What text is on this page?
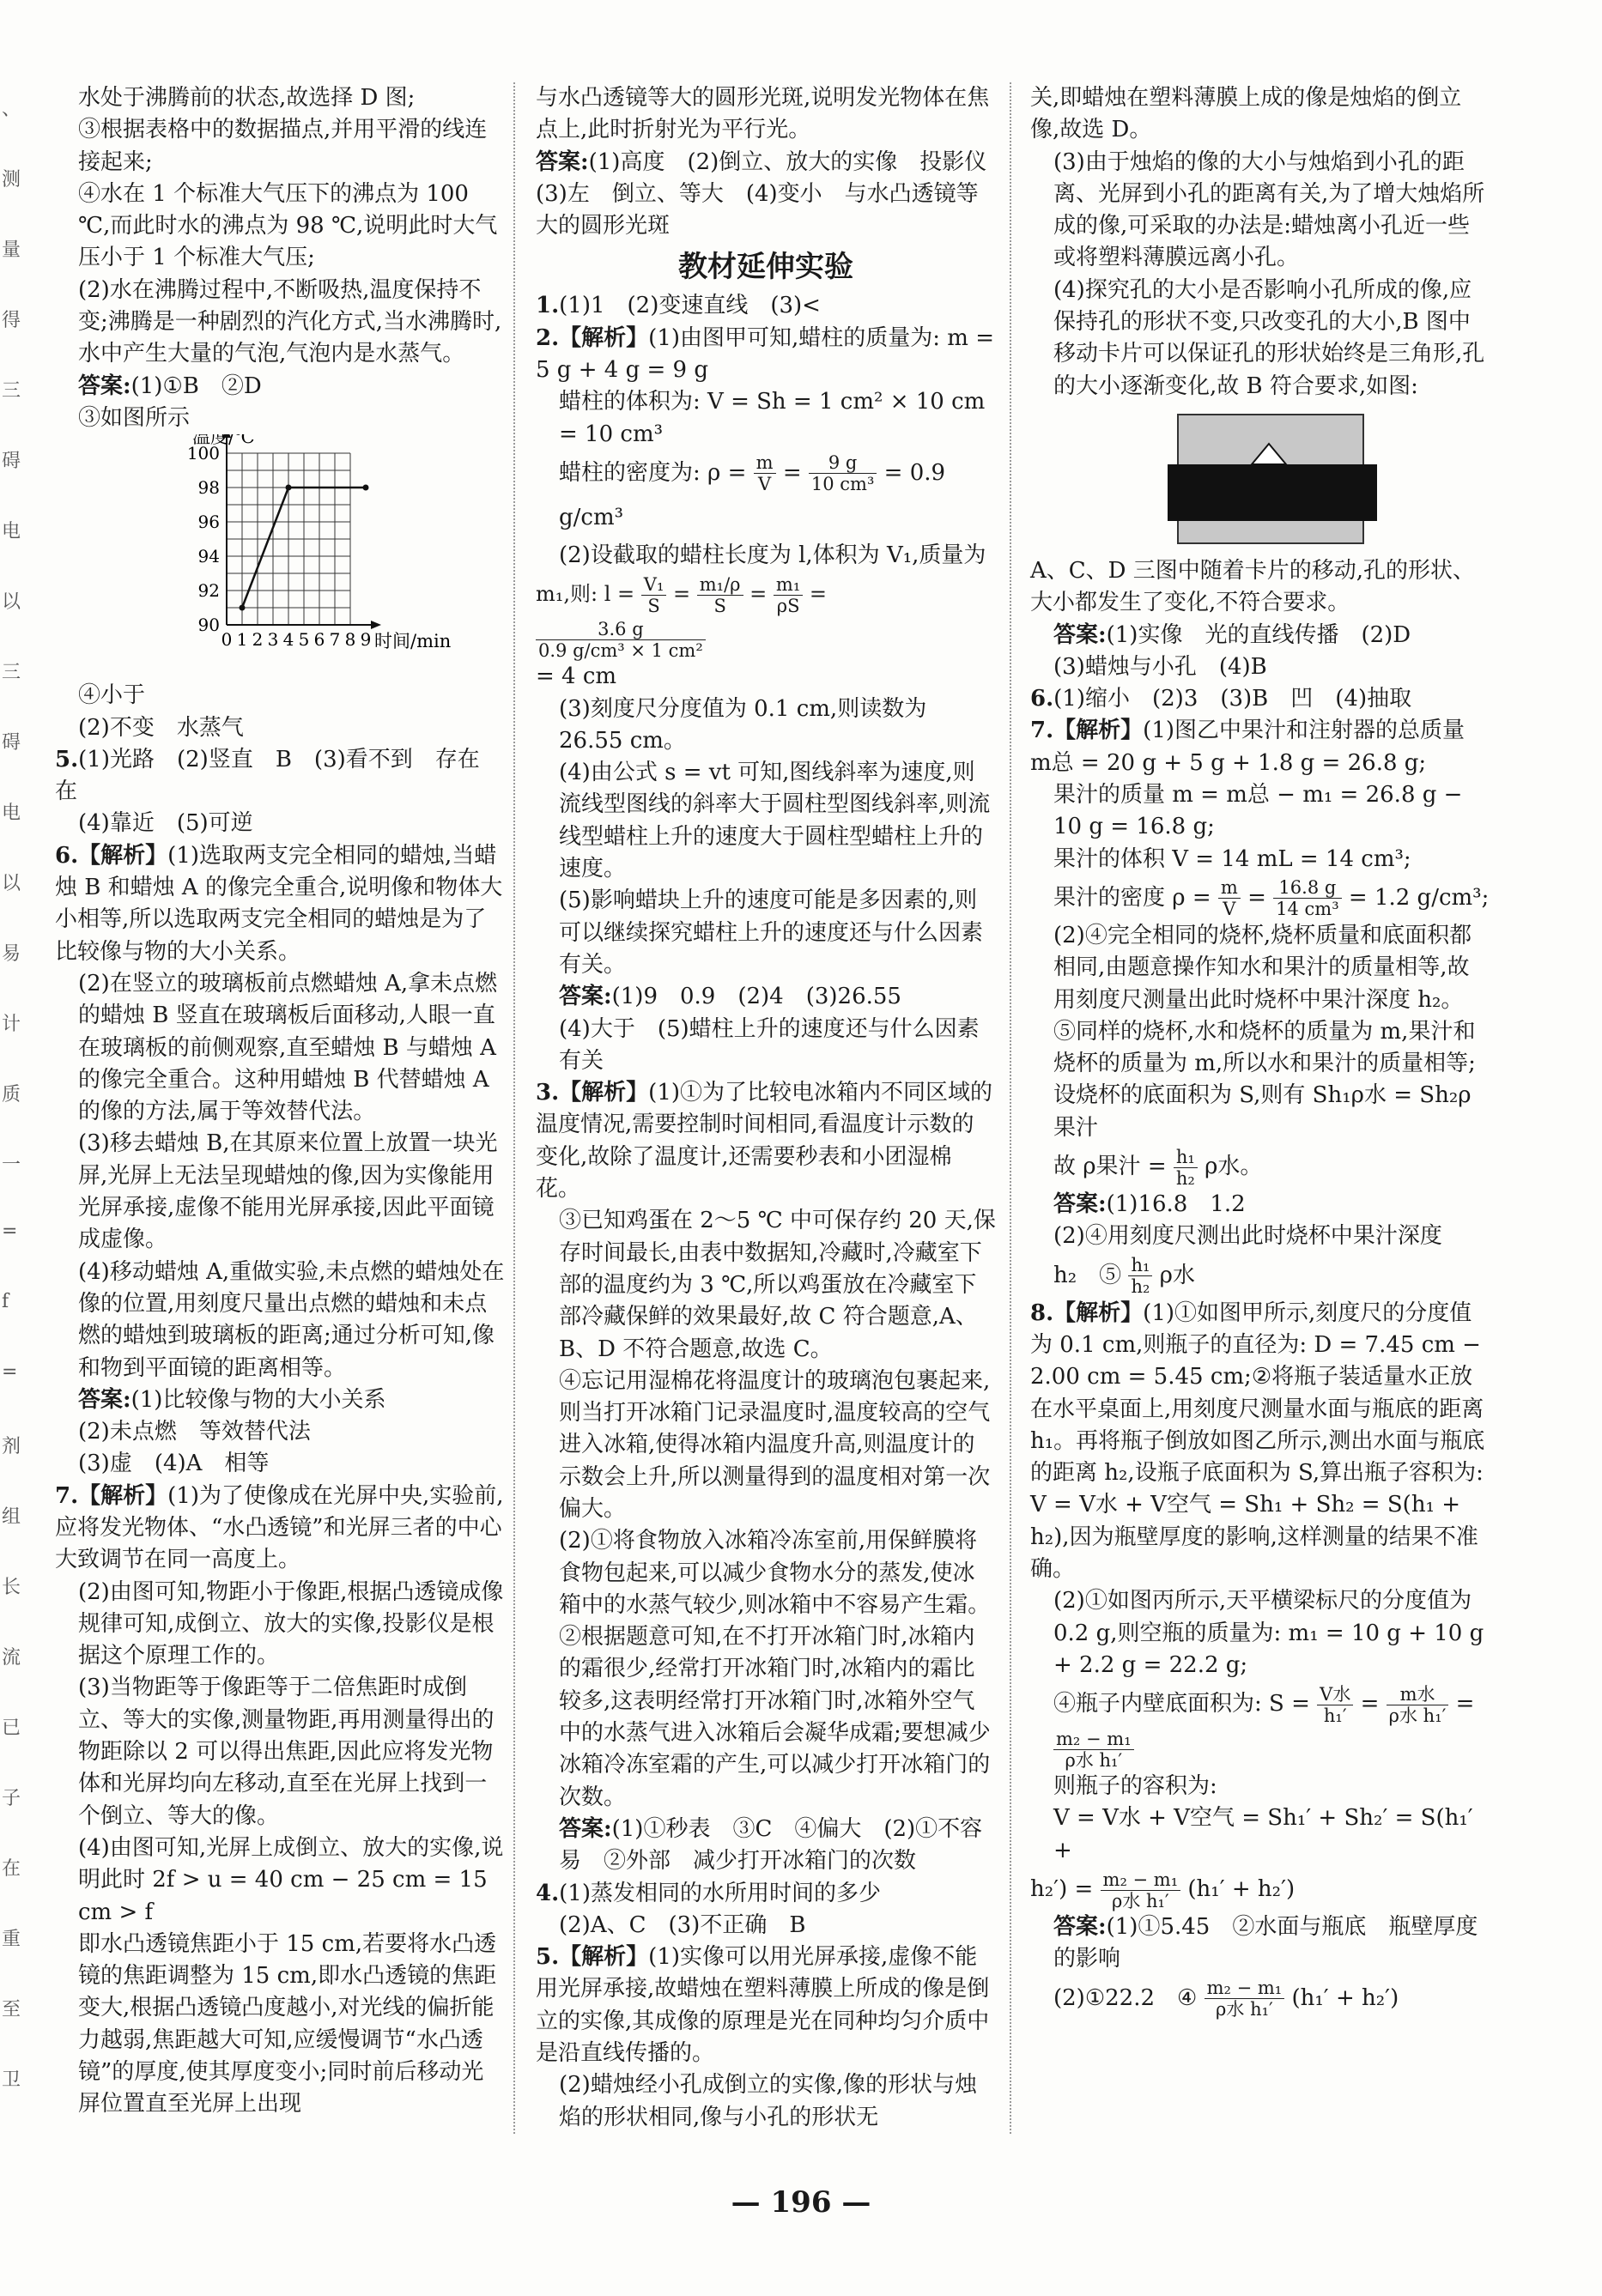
、
测
量
得
三
碍
电
以
三
碍
电
以
易
计
质
一
=
f
=
剂
组
长
流
已
子
在
重
至
卫

水处于沸腾前的状态,故选择 D 图;

③根据表格中的数据描点,并用平滑的线连接起来;

④水在 1 个标准大气压下的沸点为 100 ℃,而此时水的沸点为 98 ℃,说明此时大气压小于 1 个标准大气压;

(2)水在沸腾过程中,不断吸热,温度保持不变;沸腾是一种剧烈的汽化方式,当水沸腾时,水中产生大量的气泡,气泡内是水蒸气。

答案:(1)①B　②D

③如图所示

0 1 2 3 4 5 6 7 8 9
90
92
94
96
98
100
温度/℃
时间/min

④小于

(2)不变　水蒸气

5.(1)光路　(2)竖直　B　(3)看不到　存在　在

(4)靠近　(5)可逆

6.【解析】(1)选取两支完全相同的蜡烛,当蜡烛 B 和蜡烛 A 的像完全重合,说明像和物体大小相等,所以选取两支完全相同的蜡烛是为了比较像与物的大小关系。

(2)在竖立的玻璃板前点燃蜡烛 A,拿未点燃的蜡烛 B 竖直在玻璃板后面移动,人眼一直在玻璃板的前侧观察,直至蜡烛 B 与蜡烛 A 的像完全重合。这种用蜡烛 B 代替蜡烛 A 的像的方法,属于等效替代法。

(3)移去蜡烛 B,在其原来位置上放置一块光屏,光屏上无法呈现蜡烛的像,因为实像能用光屏承接,虚像不能用光屏承接,因此平面镜成虚像。

(4)移动蜡烛 A,重做实验,未点燃的蜡烛处在像的位置,用刻度尺量出点燃的蜡烛和未点燃的蜡烛到玻璃板的距离;通过分析可知,像和物到平面镜的距离相等。

答案:(1)比较像与物的大小关系

(2)未点燃　等效替代法

(3)虚　(4)A　相等

7.【解析】(1)为了使像成在光屏中央,实验前,应将发光物体、“水凸透镜”和光屏三者的中心大致调节在同一高度上。

(2)由图可知,物距小于像距,根据凸透镜成像规律可知,成倒立、放大的实像,投影仪是根据这个原理工作的。

(3)当物距等于像距等于二倍焦距时成倒立、等大的实像,测量物距,再用测量得出的物距除以 2 可以得出焦距,因此应将发光物体和光屏均向左移动,直至在光屏上找到一个倒立、等大的像。

(4)由图可知,光屏上成倒立、放大的实像,说明此时 2f > u = 40 cm − 25 cm = 15 cm > f

即水凸透镜焦距小于 15 cm,若要将水凸透镜的焦距调整为 15 cm,即水凸透镜的焦距变大,根据凸透镜凸度越小,对光线的偏折能力越弱,焦距越大可知,应缓慢调节“水凸透镜”的厚度,使其厚度变小;同时前后移动光屏位置直至光屏上出现

与水凸透镜等大的圆形光斑,说明发光物体在焦点上,此时折射光为平行光。

答案:(1)高度　(2)倒立、放大的实像　投影仪

(3)左　倒立、等大　(4)变小　与水凸透镜等大的圆形光斑

教材延伸实验

1.(1)1　(2)变速直线　(3)<

2.【解析】(1)由图甲可知,蜡柱的质量为: m = 5 g + 4 g = 9 g

蜡柱的体积为: V = Sh = 1 cm² × 10 cm = 10 cm³

蜡柱的密度为: $\rho = \frac{m}{V} = \frac{9 g}{\text{10 cm³}} = 0.9$ g/cm³

(2)设截取的蜡柱长度为 l,体积为 V₁,质量为

m₁,则: $l = \frac{\text{V₁}}{S} = \frac{\text{m₁/ρ}}{S} = \frac{\text{m₁}}{\rho S}$ =
$\frac{3.6 g}{\text{0.9 g/cm³ × 1 cm²}}$

= 4 cm

(3)刻度尺分度值为 0.1 cm,则读数为 26.55 cm。

(4)由公式 s = vt 可知,图线斜率为速度,则流线型图线的斜率大于圆柱型图线斜率,则流线型蜡柱上升的速度大于圆柱型蜡柱上升的速度。

(5)影响蜡块上升的速度可能是多因素的,则可以继续探究蜡柱上升的速度还与什么因素有关。

答案:(1)9　0.9　(2)4　(3)26.55

(4)大于　(5)蜡柱上升的速度还与什么因素有关

3.【解析】(1)①为了比较电冰箱内不同区域的温度情况,需要控制时间相同,看温度计示数的变化,故除了温度计,还需要秒表和小团湿棉花。

③已知鸡蛋在 2～5 ℃ 中可保存约 20 天,保存时间最长,由表中数据知,冷藏时,冷藏室下部的温度约为 3 ℃,所以鸡蛋放在冷藏室下部冷藏保鲜的效果最好,故 C 符合题意,A、B、D 不符合题意,故选 C。

④忘记用湿棉花将温度计的玻璃泡包裹起来,则当打开冰箱门记录温度时,温度较高的空气进入冰箱,使得冰箱内温度升高,则温度计的示数会上升,所以测量得到的温度相对第一次偏大。

(2)①将食物放入冰箱冷冻室前,用保鲜膜将食物包起来,可以减少食物水分的蒸发,使冰箱中的水蒸气较少,则冰箱中不容易产生霜。

②根据题意可知,在不打开冰箱门时,冰箱内的霜很少,经常打开冰箱门时,冰箱内的霜比较多,这表明经常打开冰箱门时,冰箱外空气中的水蒸气进入冰箱后会凝华成霜;要想减少冰箱冷冻室霜的产生,可以减少打开冰箱门的次数。

答案:(1)①秒表　③C　④偏大　(2)①不容易　②外部　减少打开冰箱门的次数

4.(1)蒸发相同的水所用时间的多少

(2)A、C　(3)不正确　B

5.【解析】(1)实像可以用光屏承接,虚像不能用光屏承接,故蜡烛在塑料薄膜上所成的像是倒立的实像,其成像的原理是光在同种均匀介质中是沿直线传播的。

(2)蜡烛经小孔成倒立的实像,像的形状与烛焰的形状相同,像与小孔的形状无

关,即蜡烛在塑料薄膜上成的像是烛焰的倒立像,故选 D。

(3)由于烛焰的像的大小与烛焰到小孔的距离、光屏到小孔的距离有关,为了增大烛焰所成的像,可采取的办法是:蜡烛离小孔近一些或将塑料薄膜远离小孔。

(4)探究孔的大小是否影响小孔所成的像,应保持孔的形状不变,只改变孔的大小,B 图中移动卡片可以保证孔的形状始终是三角形,孔的大小逐渐变化,故 B 符合要求,如图:

A、C、D 三图中随着卡片的移动,孔的形状、大小都发生了变化,不符合要求。

答案:(1)实像　光的直线传播　(2)D

(3)蜡烛与小孔　(4)B

6.(1)缩小　(2)3　(3)B　凹　(4)抽取

7.【解析】(1)图乙中果汁和注射器的总质量 m总 = 20 g + 5 g + 1.8 g = 26.8 g;

果汁的质量 m = m总 − m₁ = 26.8 g − 10 g = 16.8 g;

果汁的体积 V = 14 mL = 14 cm³;

果汁的密度 $\rho = \frac{m}{V} = \frac{16.8 g}{\text{14 cm³}} = 1.2$ g/cm³;

(2)④完全相同的烧杯,烧杯质量和底面积都相同,由题意操作知水和果汁的质量相等,故用刻度尺测量出此时烧杯中果汁深度 h₂。

⑤同样的烧杯,水和烧杯的质量为 m,果汁和烧杯的质量为 m,所以水和果汁的质量相等;设烧杯的底面积为 S,则有 Sh₁ρ水 = Sh₂ρ果汁

故 ρ果汁 = $\frac{\text{h₁}}{\text{h₂}}$ ρ水。

答案:(1)16.8　1.2

(2)④用刻度尺测出此时烧杯中果汁深度

h₂　⑤ $\frac{\text{h₁}}{\text{h₂}}$ ρ水

8.【解析】(1)①如图甲所示,刻度尺的分度值为 0.1 cm,则瓶子的直径为: D = 7.45 cm − 2.00 cm = 5.45 cm;②将瓶子装适量水正放在水平桌面上,用刻度尺测量水面与瓶底的距离 h₁。再将瓶子倒放如图乙所示,测出水面与瓶底的距离 h₂,设瓶子底面积为 S,算出瓶子容积为: V = V水 + V空气 = Sh₁ + Sh₂ = S(h₁ + h₂),因为瓶壁厚度的影响,这样测量的结果不准确。

(2)①如图丙所示,天平横梁标尺的分度值为 0.2 g,则空瓶的质量为: m₁ = 10 g + 10 g + 2.2 g = 22.2 g;

④瓶子内壁底面积为: $S = \frac{\text{V水}}{\text{h₁′}} = \frac{\text{m水}}{\text{ρ水 h₁′}}$ =
$\frac{\text{m₂ − m₁}}{\text{ρ水 h₁′}}$

则瓶子的容积为:

V = V水 + V空气 = Sh₁′ + Sh₂′ = S(h₁′ +

$h_2') = \frac{\text{m₂ − m₁}}{\text{ρ水 h₁′}} (h_1' + h_2')$

答案:(1)①5.45　②水面与瓶底　瓶壁厚度的影响

(2)①22.2　④ $\frac{\text{m₂ − m₁}}{\text{ρ水 h₁′}} (h_1' + h_2')$

— 196 —
